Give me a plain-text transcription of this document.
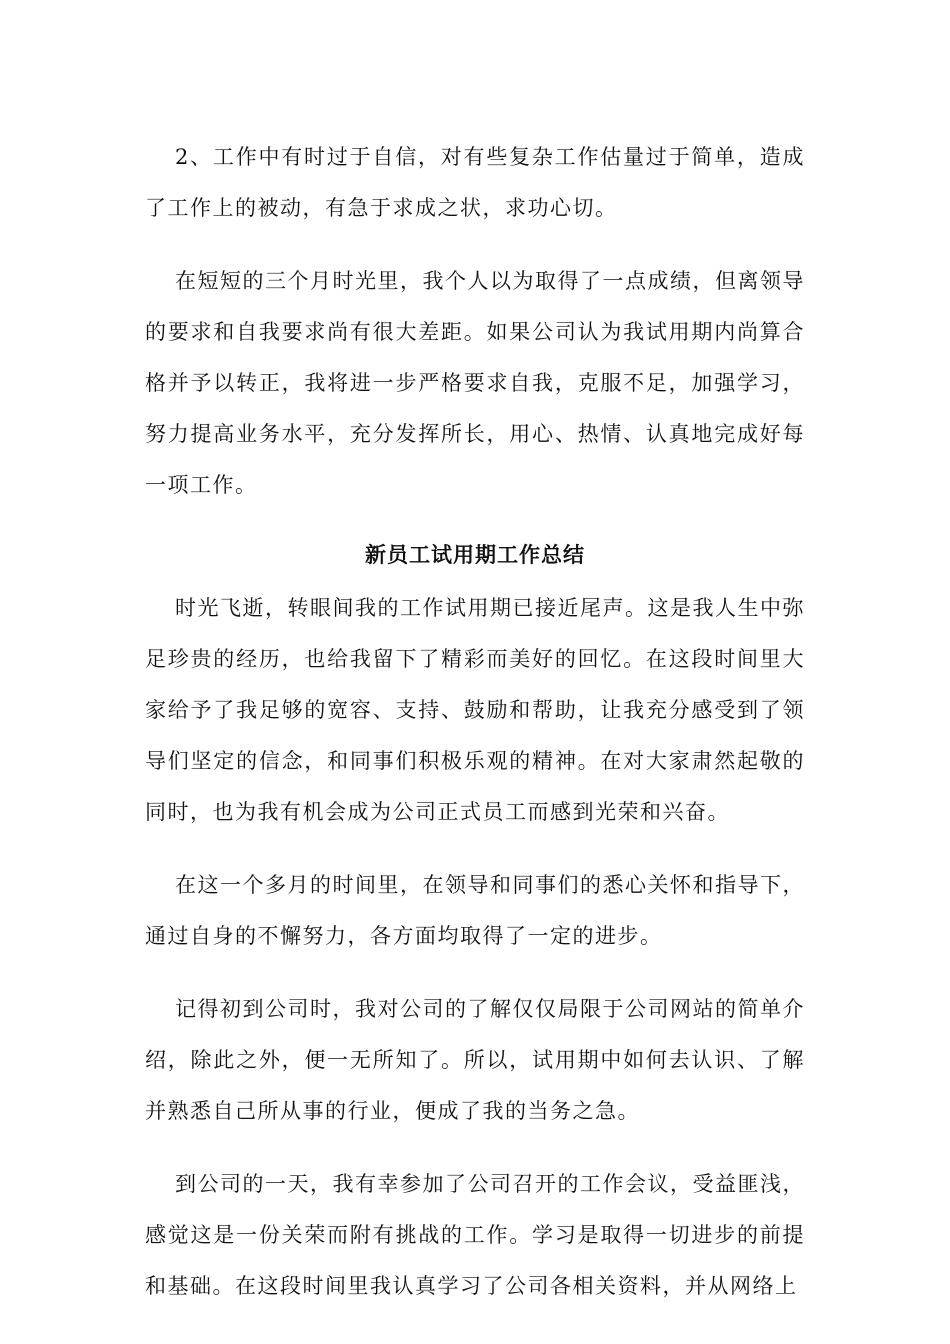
2、工作中有时过于自信，对有些复杂工作估量过于简单，造成了工作上的被动，有急于求成之状，求功心切。

在短短的三个月时光里，我个人以为取得了一点成绩，但离领导的要求和自我要求尚有很大差距。如果公司认为我试用期内尚算合格并予以转正，我将进一步严格要求自我，克服不足，加强学习，努力提高业务水平，充分发挥所长，用心、热情、认真地完成好每一项工作。

新员工试用期工作总结

时光飞逝，转眼间我的工作试用期已接近尾声。这是我人生中弥足珍贵的经历，也给我留下了精彩而美好的回忆。在这段时间里大家给予了我足够的宽容、支持、鼓励和帮助，让我充分感受到了领导们坚定的信念，和同事们积极乐观的精神。在对大家肃然起敬的同时，也为我有机会成为公司正式员工而感到光荣和兴奋。

在这一个多月的时间里，在领导和同事们的悉心关怀和指导下，通过自身的不懈努力，各方面均取得了一定的进步。

记得初到公司时，我对公司的了解仅仅局限于公司网站的简单介绍，除此之外，便一无所知了。所以，试用期中如何去认识、了解并熟悉自己所从事的行业，便成了我的当务之急。

到公司的一天，我有幸参加了公司召开的工作会议，受益匪浅，感觉这是一份关荣而附有挑战的工作。学习是取得一切进步的前提和基础。在这段时间里我认真学习了公司各相关资料，并从网络上
